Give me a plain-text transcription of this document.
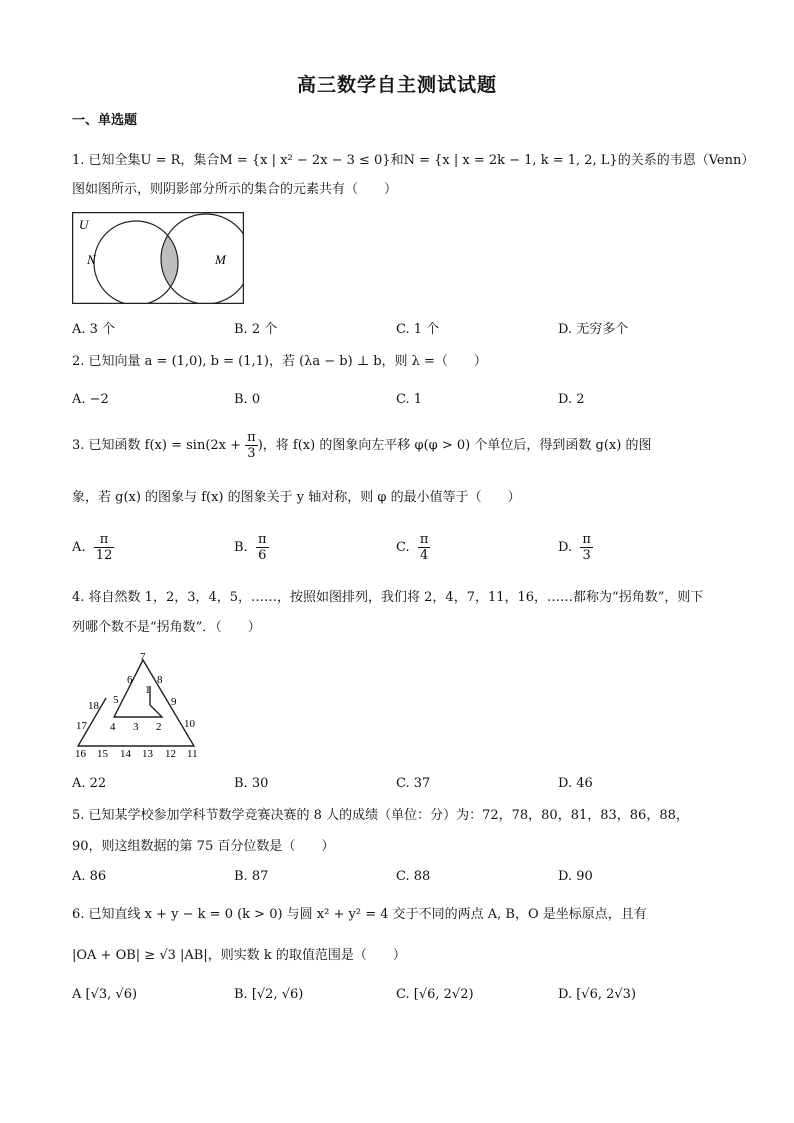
高三数学自主测试试题
一、单选题
1. 已知全集U = R，集合M = {x | x² − 2x − 3 ≤ 0}和N = {x | x = 2k − 1, k = 1, 2, L}的关系的韦恩（Venn）
图如图所示，则阴影部分所示的集合的元素共有（　　）
U
N	M
A. 3 个	B. 2 个	C. 1 个	D. 无穷多个
2. 已知向量 a = (1,0), b = (1,1)，若 (λa − b) ⊥ b，则 λ =（　　）
A. −2	B. 0	C. 1	D. 2
3. 已知函数 $f(x) = \sin(2x + \frac{\pi}{3}$ )，将 f(x) 的图象向左平移 φ(φ > 0) 个单位后，得到函数 g(x) 的图
象，若 g(x) 的图象与 f(x) 的图象关于 y 轴对称，则 φ 的最小值等于（　　）
A. $\frac{\pi}{12}$	B. $\frac{\pi}{6}$	C. $\frac{\pi}{4}$	D. $\frac{\pi}{3}$
4. 将自然数 1，2，3，4，5，……，按照如图排列，我们将 2，4，7，11，16，……都称为“拐角数”，则下
列哪个数不是“拐角数”．（　　）
1
2
3
4
5
6
7
8
9
10
11
12
13
14
15
16
17
18
A. 22	B. 30	C. 37	D. 46
5. 已知某学校参加学科节数学竞赛决赛的 8 人的成绩（单位：分）为：72，78，80，81，83，86，88，
90，则这组数据的第 75 百分位数是（　　）
A. 86	B. 87	C. 88	D. 90
6. 已知直线 x + y − k = 0 (k > 0) 与圆 x² + y² = 4 交于不同的两点 A, B，O 是坐标原点，且有
|OA + OB| ≥ √3 |AB|，则实数 k 的取值范围是（　　）
A [√3, √6)	B. [√2, √6)	C. [√6, 2√2)	D. [√6, 2√3)
